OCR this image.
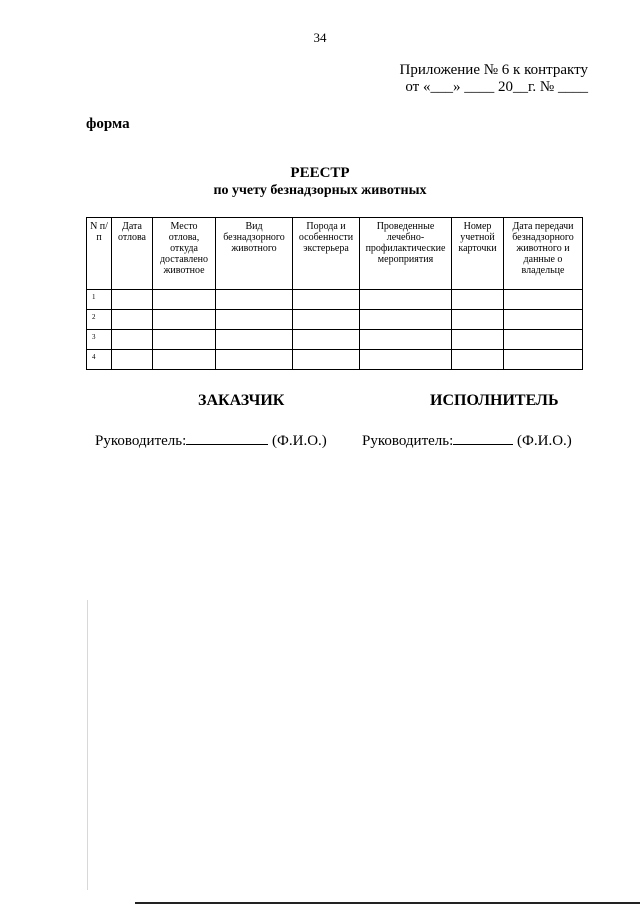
34
Приложение № 6 к контракту
от «___» ____ 20__г. № ____
форма
РЕЕСТР
по учету безнадзорных животных
N п/п	Дата отлова	Место отлова, откуда доставлено животное	Вид безнадзорного животного	Порода и особенности экстерьера	Проведенные лечебно-профилактические мероприятия	Номер учетной карточки	Дата передачи безнадзорного животного и данные о владельце
1							
2							
3							
4							
ЗАКАЗЧИК	ИСПОЛНИТЕЛЬ
Руководитель:	(Ф.И.О.) Руководитель:	(Ф.И.О.)
